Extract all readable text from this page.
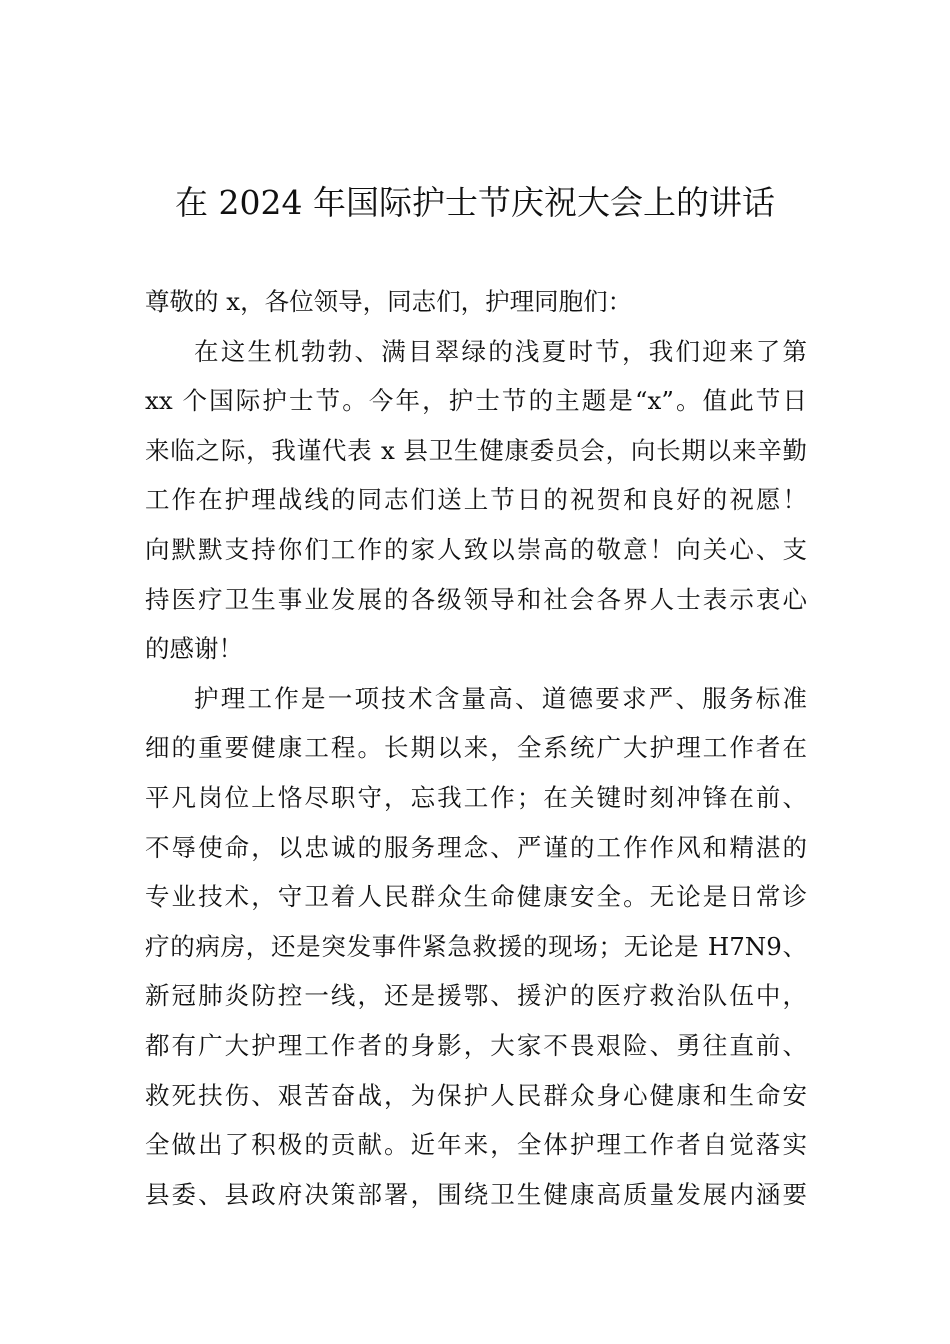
在 2024 年国际护士节庆祝大会上的讲话
尊敬的 x，各位领导，同志们，护理同胞们：
在这生机勃勃、满目翠绿的浅夏时节，我们迎来了第
xx 个国际护士节。今年，护士节的主题是“x”。值此节日
来临之际，我谨代表 x 县卫生健康委员会，向长期以来辛勤
工作在护理战线的同志们送上节日的祝贺和良好的祝愿！
向默默支持你们工作的家人致以崇高的敬意！向关心、支
持医疗卫生事业发展的各级领导和社会各界人士表示衷心
的感谢！
护理工作是一项技术含量高、道德要求严、服务标准
细的重要健康工程。长期以来，全系统广大护理工作者在
平凡岗位上恪尽职守，忘我工作；在关键时刻冲锋在前、
不辱使命，以忠诚的服务理念、严谨的工作作风和精湛的
专业技术，守卫着人民群众生命健康安全。无论是日常诊
疗的病房，还是突发事件紧急救援的现场；无论是 H7N9、
新冠肺炎防控一线，还是援鄂、援沪的医疗救治队伍中，
都有广大护理工作者的身影，大家不畏艰险、勇往直前、
救死扶伤、艰苦奋战，为保护人民群众身心健康和生命安
全做出了积极的贡献。近年来，全体护理工作者自觉落实
县委、县政府决策部署，围绕卫生健康高质量发展内涵要
